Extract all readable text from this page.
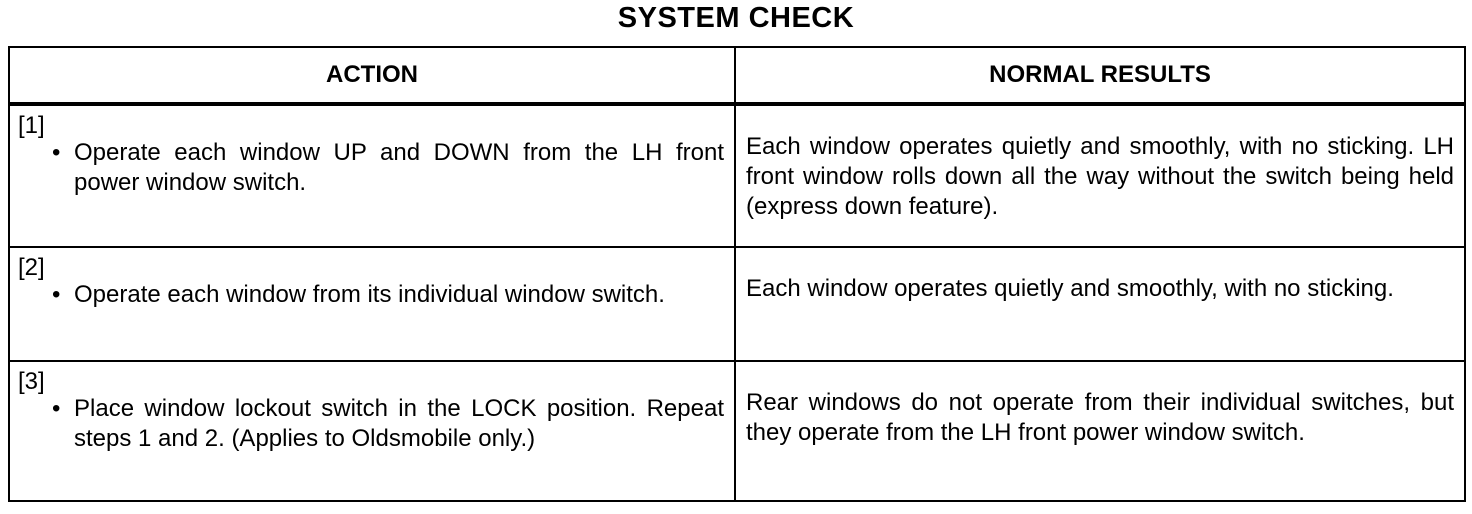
SYSTEM CHECK
ACTION	NORMAL RESULTS

[1]
• Operate each window UP and DOWN from the LH front power window switch.	Each window operates quietly and smoothly, with no sticking. LH front window rolls down all the way without the switch being held (express down feature).

[2]
• Operate each window from its individual window switch.	Each window operates quietly and smoothly, with no sticking.

[3]
• Place window lockout switch in the LOCK position. Repeat steps 1 and 2. (Applies to Oldsmobile only.)	Rear windows do not operate from their individual switches, but they operate from the LH front power window switch.
